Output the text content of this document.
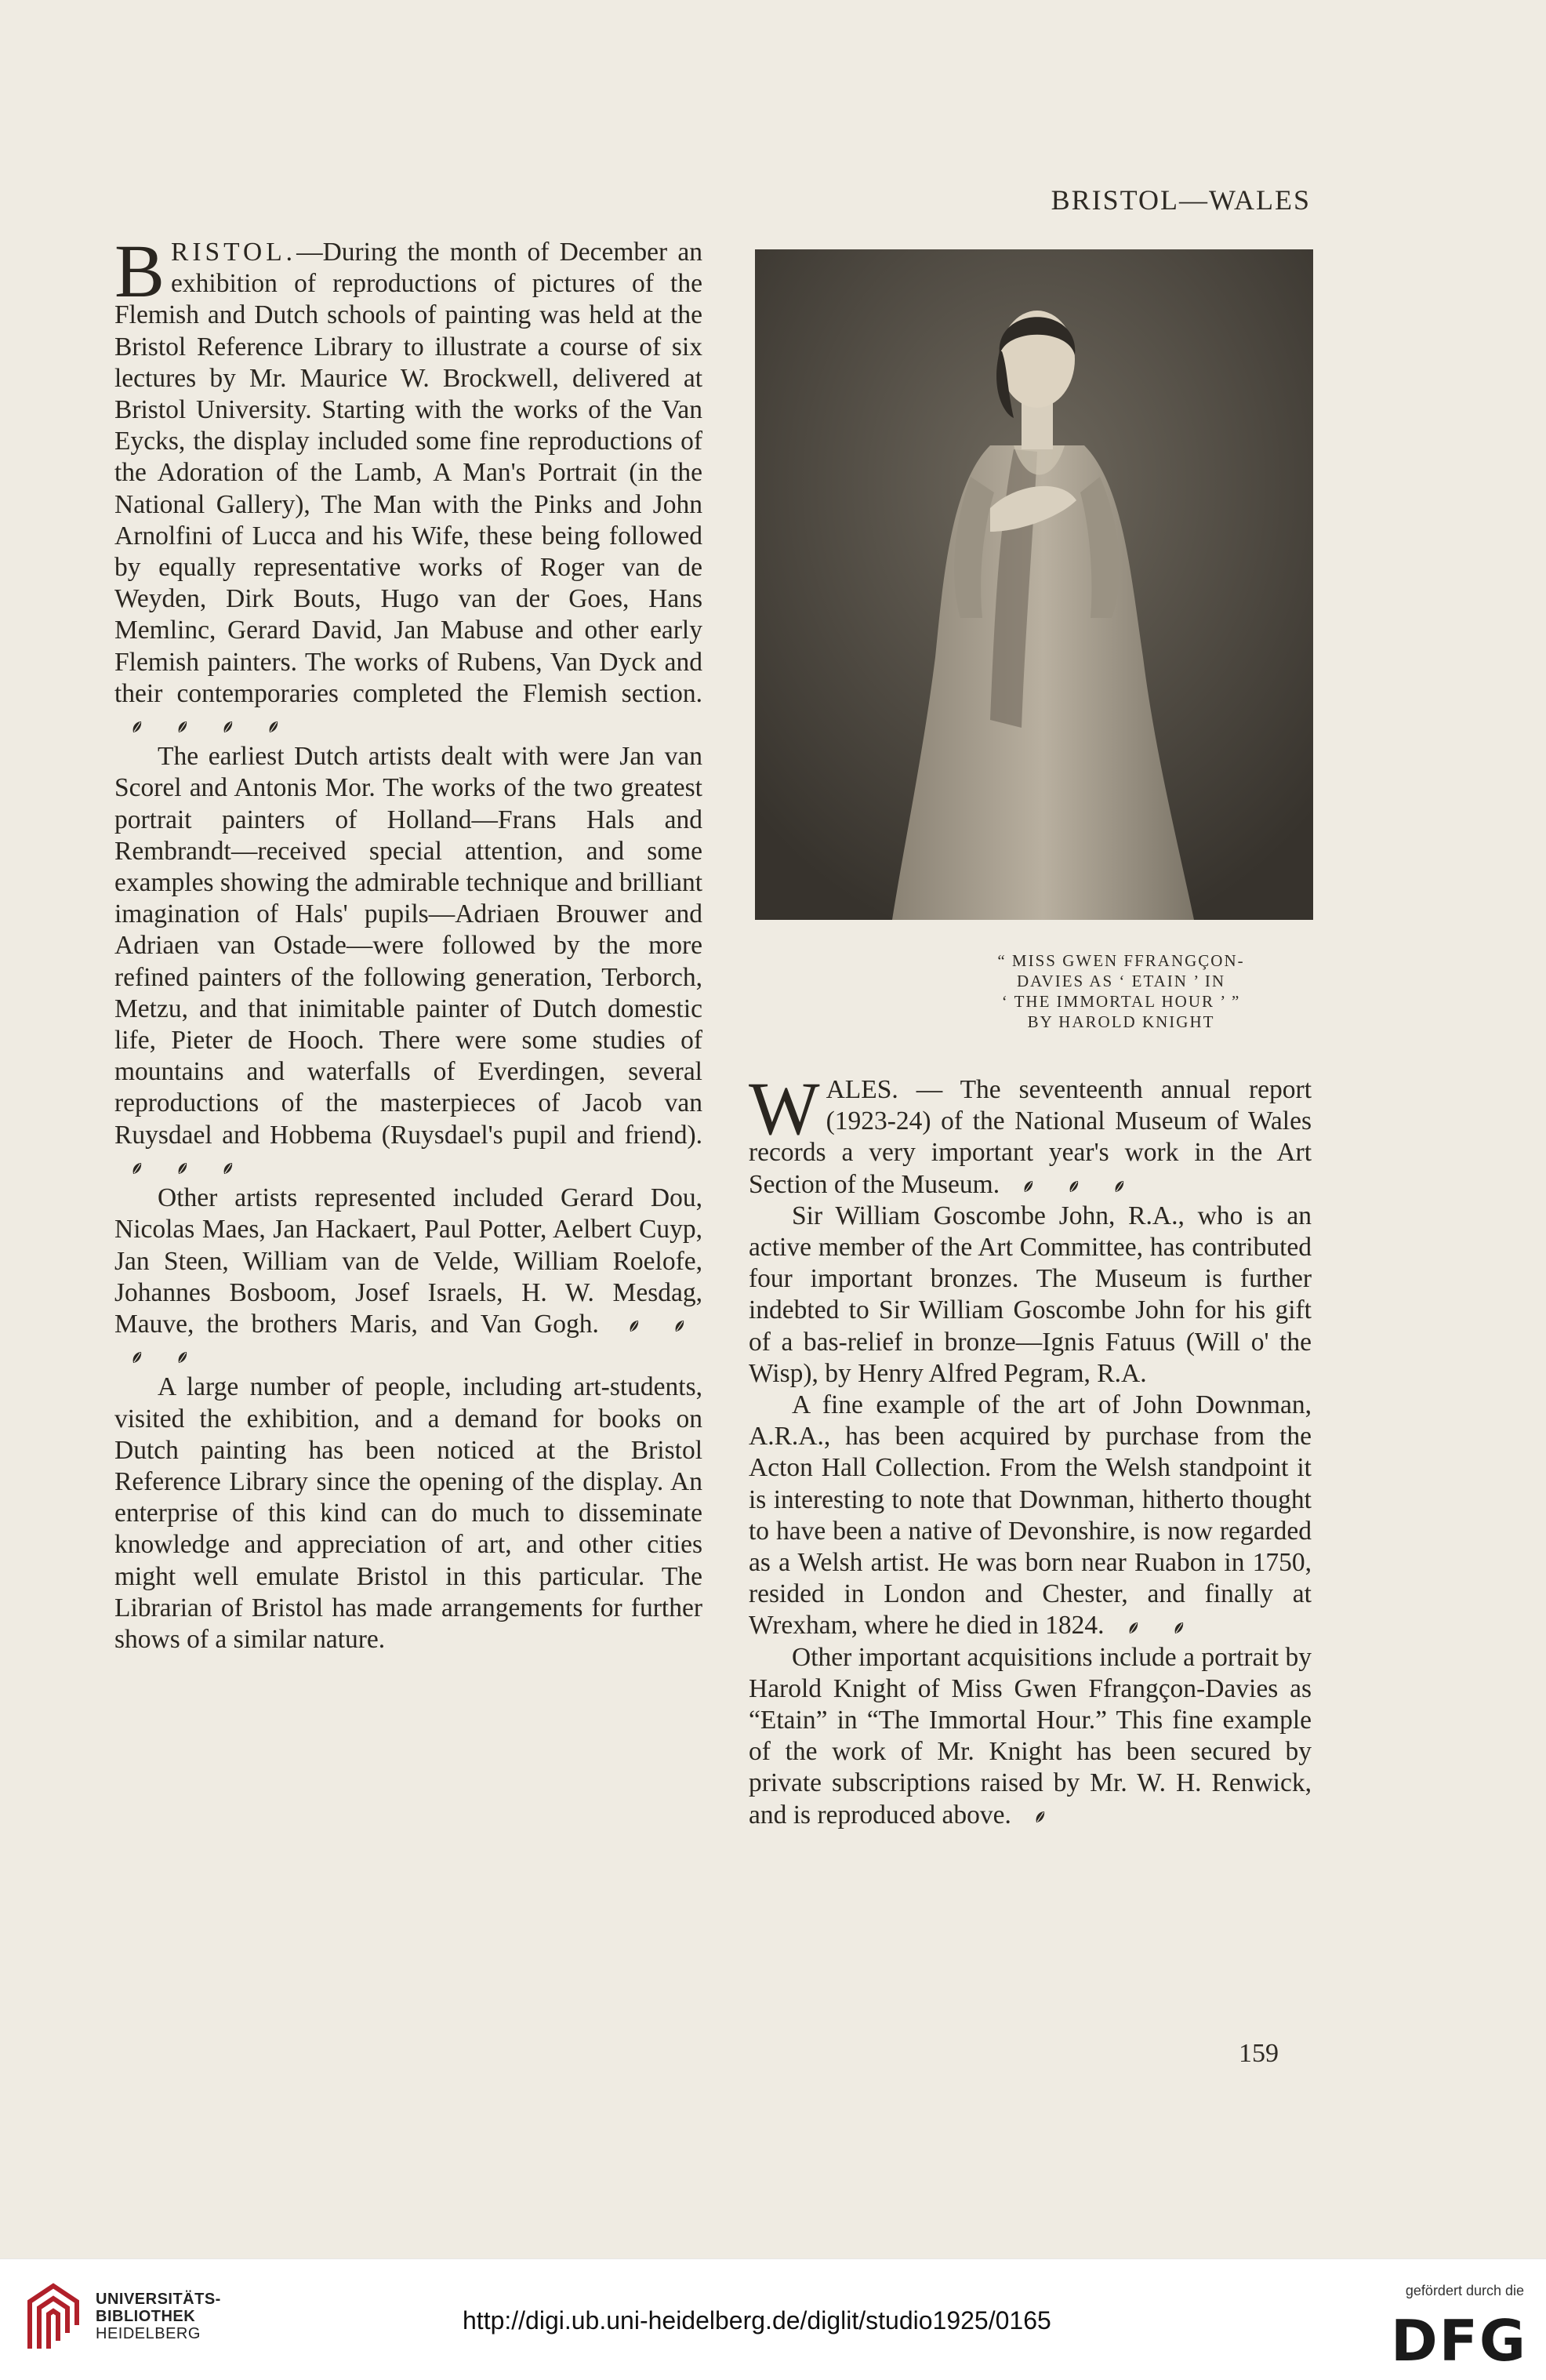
BRISTOL—WALES

BRISTOL.—During the month of December an exhibition of reproductions of pictures of the Flemish and Dutch schools of painting was held at the Bristol Reference Library to illustrate a course of six lectures by Mr. Maurice W. Brockwell, delivered at Bristol University. Starting with the works of the Van Eycks, the display included some fine reproductions of the Adoration of the Lamb, A Man's Portrait (in the National Gallery), The Man with the Pinks and John Arnolfini of Lucca and his Wife, these being followed by equally representative works of Roger van de Weyden, Dirk Bouts, Hugo van der Goes, Hans Memlinc, Gerard David, Jan Mabuse and other early Flemish painters. The works of Rubens, Van Dyck and their contemporaries completed the Flemish section.

The earliest Dutch artists dealt with were Jan van Scorel and Antonis Mor. The works of the two greatest portrait painters of Holland—Frans Hals and Rembrandt—received special attention, and some examples showing the admirable technique and brilliant imagination of Hals' pupils—Adriaen Brouwer and Adriaen van Ostade—were followed by the more refined painters of the following generation, Terborch, Metzu, and that inimitable painter of Dutch domestic life, Pieter de Hooch. There were some studies of mountains and waterfalls of Everdingen, several reproductions of the masterpieces of Jacob van Ruysdael and Hobbema (Ruysdael's pupil and friend).

Other artists represented included Gerard Dou, Nicolas Maes, Jan Hackaert, Paul Potter, Aelbert Cuyp, Jan Steen, William van de Velde, William Roelofe, Johannes Bosboom, Josef Israels, H. W. Mesdag, Mauve, the brothers Maris, and Van Gogh.

A large number of people, including art-students, visited the exhibition, and a demand for books on Dutch painting has been noticed at the Bristol Reference Library since the opening of the display. An enterprise of this kind can do much to disseminate knowledge and appreciation of art, and other cities might well emulate Bristol in this particular. The Librarian of Bristol has made arrangements for further shows of a similar nature.

“ MISS GWEN FFRANGÇON-
DAVIES AS ‘ ETAIN ’ IN
‘ THE IMMORTAL HOUR ’ ”
BY HAROLD KNIGHT

WALES. — The seventeenth annual report (1923-24) of the National Museum of Wales records a very important year's work in the Art Section of the Museum.

Sir William Goscombe John, R.A., who is an active member of the Art Committee, has contributed four important bronzes. The Museum is further indebted to Sir William Goscombe John for his gift of a bas-relief in bronze—Ignis Fatuus (Will o' the Wisp), by Henry Alfred Pegram, R.A.

A fine example of the art of John Downman, A.R.A., has been acquired by purchase from the Acton Hall Collection. From the Welsh standpoint it is interesting to note that Downman, hitherto thought to have been a native of Devonshire, is now regarded as a Welsh artist. He was born near Ruabon in 1750, resided in London and Chester, and finally at Wrexham, where he died in 1824.

Other important acquisitions include a portrait by Harold Knight of Miss Gwen Ffrangçon-Davies as “Etain” in “The Immortal Hour.” This fine example of the work of Mr. Knight has been secured by private subscriptions raised by Mr. W. H. Renwick, and is reproduced above.

159
UNIVERSITÄTS-
BIBLIOTHEK
HEIDELBERG	http://digi.ub.uni-heidelberg.de/diglit/studio1925/0165
gefördert durch die
DFG
